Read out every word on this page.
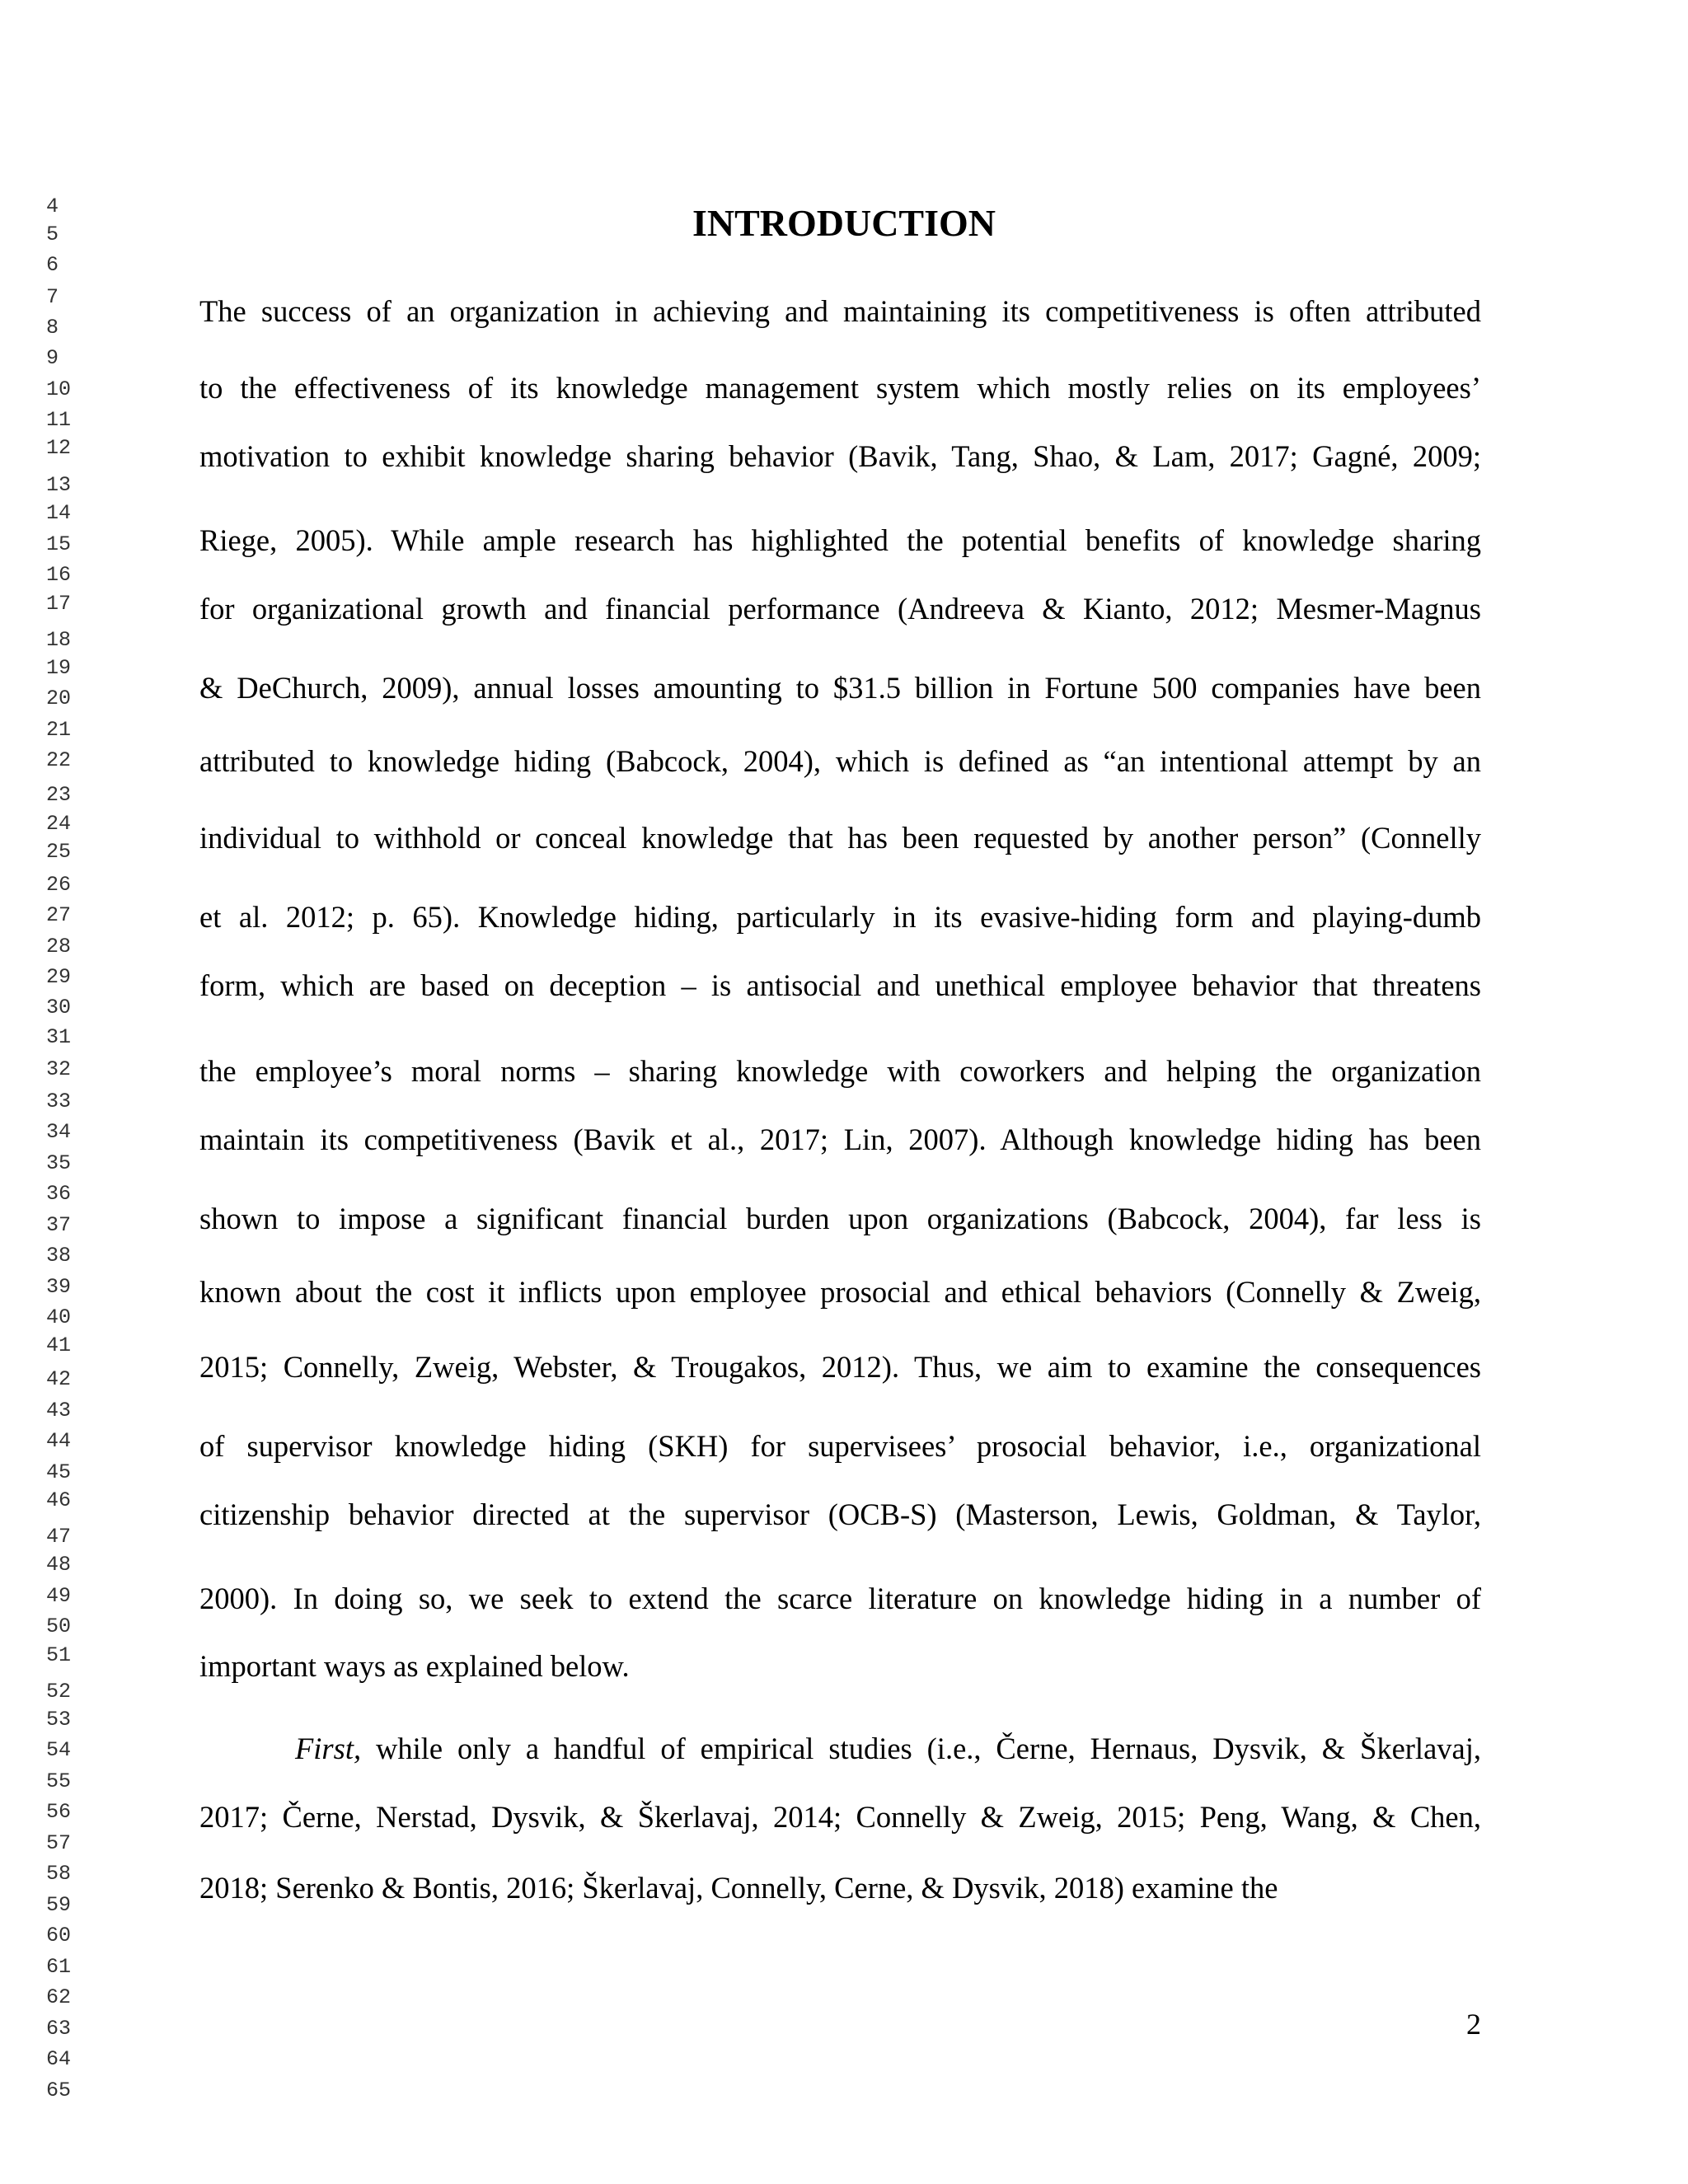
4
5
6
7
8
9
10
11
12
13
14
15
16
17
18
19
20
21
22
23
24
25
26
27
28
29
30
31
32
33
34
35
36
37
38
39
40
41
42
43
44
45
46
47
48
49
50
51
52
53
54
55
56
57
58
59
60
61
62
63
64
65
INTRODUCTION
The success of an organization in achieving and maintaining its competitiveness is often attributed
to the effectiveness of its knowledge management system which mostly relies on its employees’
motivation to exhibit knowledge sharing behavior (Bavik, Tang, Shao, & Lam, 2017; Gagné, 2009;
Riege, 2005). While ample research has highlighted the potential benefits of knowledge sharing
for organizational growth and financial performance (Andreeva & Kianto, 2012; Mesmer-Magnus
& DeChurch, 2009), annual losses amounting to $31.5 billion in Fortune 500 companies have been
attributed to knowledge hiding (Babcock, 2004), which is defined as “an intentional attempt by an
individual to withhold or conceal knowledge that has been requested by another person” (Connelly
et al. 2012; p. 65). Knowledge hiding, particularly in its evasive-hiding form and playing-dumb
form, which are based on deception – is antisocial and unethical employee behavior that threatens
the employee’s moral norms – sharing knowledge with coworkers and helping the organization
maintain its competitiveness (Bavik et al., 2017; Lin, 2007). Although knowledge hiding has been
shown to impose a significant financial burden upon organizations (Babcock, 2004), far less is
known about the cost it inflicts upon employee prosocial and ethical behaviors (Connelly & Zweig,
2015; Connelly, Zweig, Webster, & Trougakos, 2012). Thus, we aim to examine the consequences
of supervisor knowledge hiding (SKH) for supervisees’ prosocial behavior, i.e., organizational
citizenship behavior directed at the supervisor (OCB-S) (Masterson, Lewis, Goldman, & Taylor,
2000). In doing so, we seek to extend the scarce literature on knowledge hiding in a number of
important ways as explained below.
First, while only a handful of empirical studies (i.e., Černe, Hernaus, Dysvik, & Škerlavaj,
2017; Černe, Nerstad, Dysvik, & Škerlavaj, 2014; Connelly & Zweig, 2015; Peng, Wang, & Chen,
2018; Serenko & Bontis, 2016; Škerlavaj, Connelly, Cerne, & Dysvik, 2018) examine the
2
